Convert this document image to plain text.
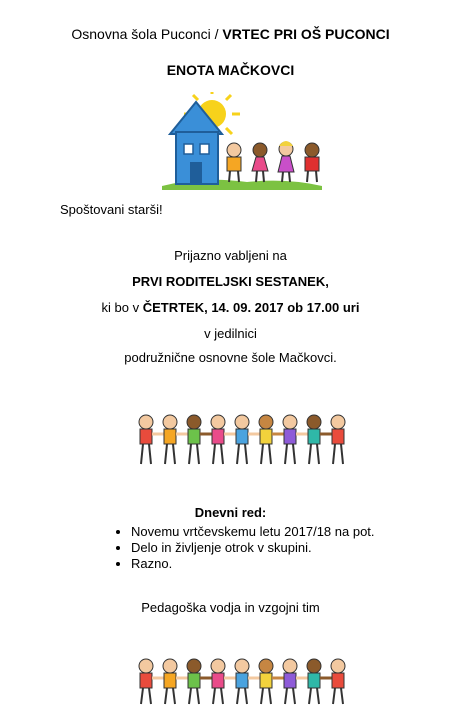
Osnovna šola Puconci / VRTEC PRI OŠ PUCONCI
ENOTA MAČKOVCI
Spoštovani starši!
Prijazno vabljeni na
PRVI RODITELJSKI SESTANEK,
ki bo v ČETRTEK, 14. 09. 2017 ob 17.00 uri
v jedilnici
podružnične osnovne šole Mačkovci.
Dnevni red:
• Novemu vrtčevskemu letu 2017/18 na pot.
• Delo in življenje otrok v skupini.
• Razno.
Pedagoška vodja in vzgojni tim
